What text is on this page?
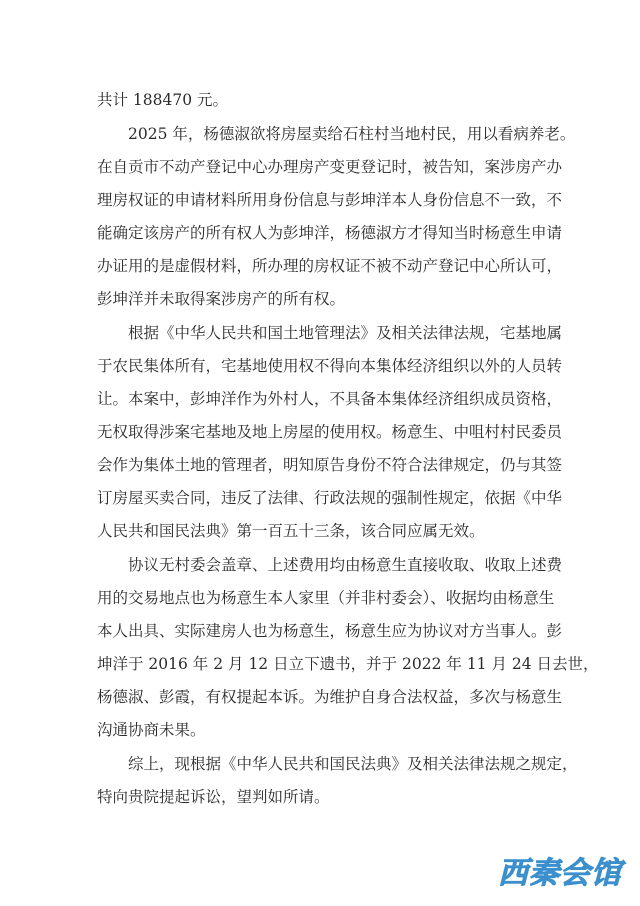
共计 188470 元。
2025 年，杨德淑欲将房屋卖给石柱村当地村民，用以看病养老。
在自贡市不动产登记中心办理房产变更登记时，被告知，案涉房产办
理房权证的申请材料所用身份信息与彭坤洋本人身份信息不一致，不
能确定该房产的所有权人为彭坤洋，杨德淑方才得知当时杨意生申请
办证用的是虚假材料，所办理的房权证不被不动产登记中心所认可，
彭坤洋并未取得案涉房产的所有权。
根据《中华人民共和国土地管理法》及相关法律法规，宅基地属
于农民集体所有，宅基地使用权不得向本集体经济组织以外的人员转
让。本案中，彭坤洋作为外村人，不具备本集体经济组织成员资格，
无权取得涉案宅基地及地上房屋的使用权。杨意生、中咀村村民委员
会作为集体土地的管理者，明知原告身份不符合法律规定，仍与其签
订房屋买卖合同，违反了法律、行政法规的强制性规定，依据《中华
人民共和国民法典》第一百五十三条，该合同应属无效。
协议无村委会盖章、上述费用均由杨意生直接收取、收取上述费
用的交易地点也为杨意生本人家里（并非村委会）、收据均由杨意生
本人出具、实际建房人也为杨意生，杨意生应为协议对方当事人。彭
坤洋于 2016 年 2 月 12 日立下遗书，并于 2022 年 11 月 24 日去世，
杨德淑、彭霞，有权提起本诉。为维护自身合法权益，多次与杨意生
沟通协商未果。
综上，现根据《中华人民共和国民法典》及相关法律法规之规定，
特向贵院提起诉讼，望判如所请。
西秦会馆
